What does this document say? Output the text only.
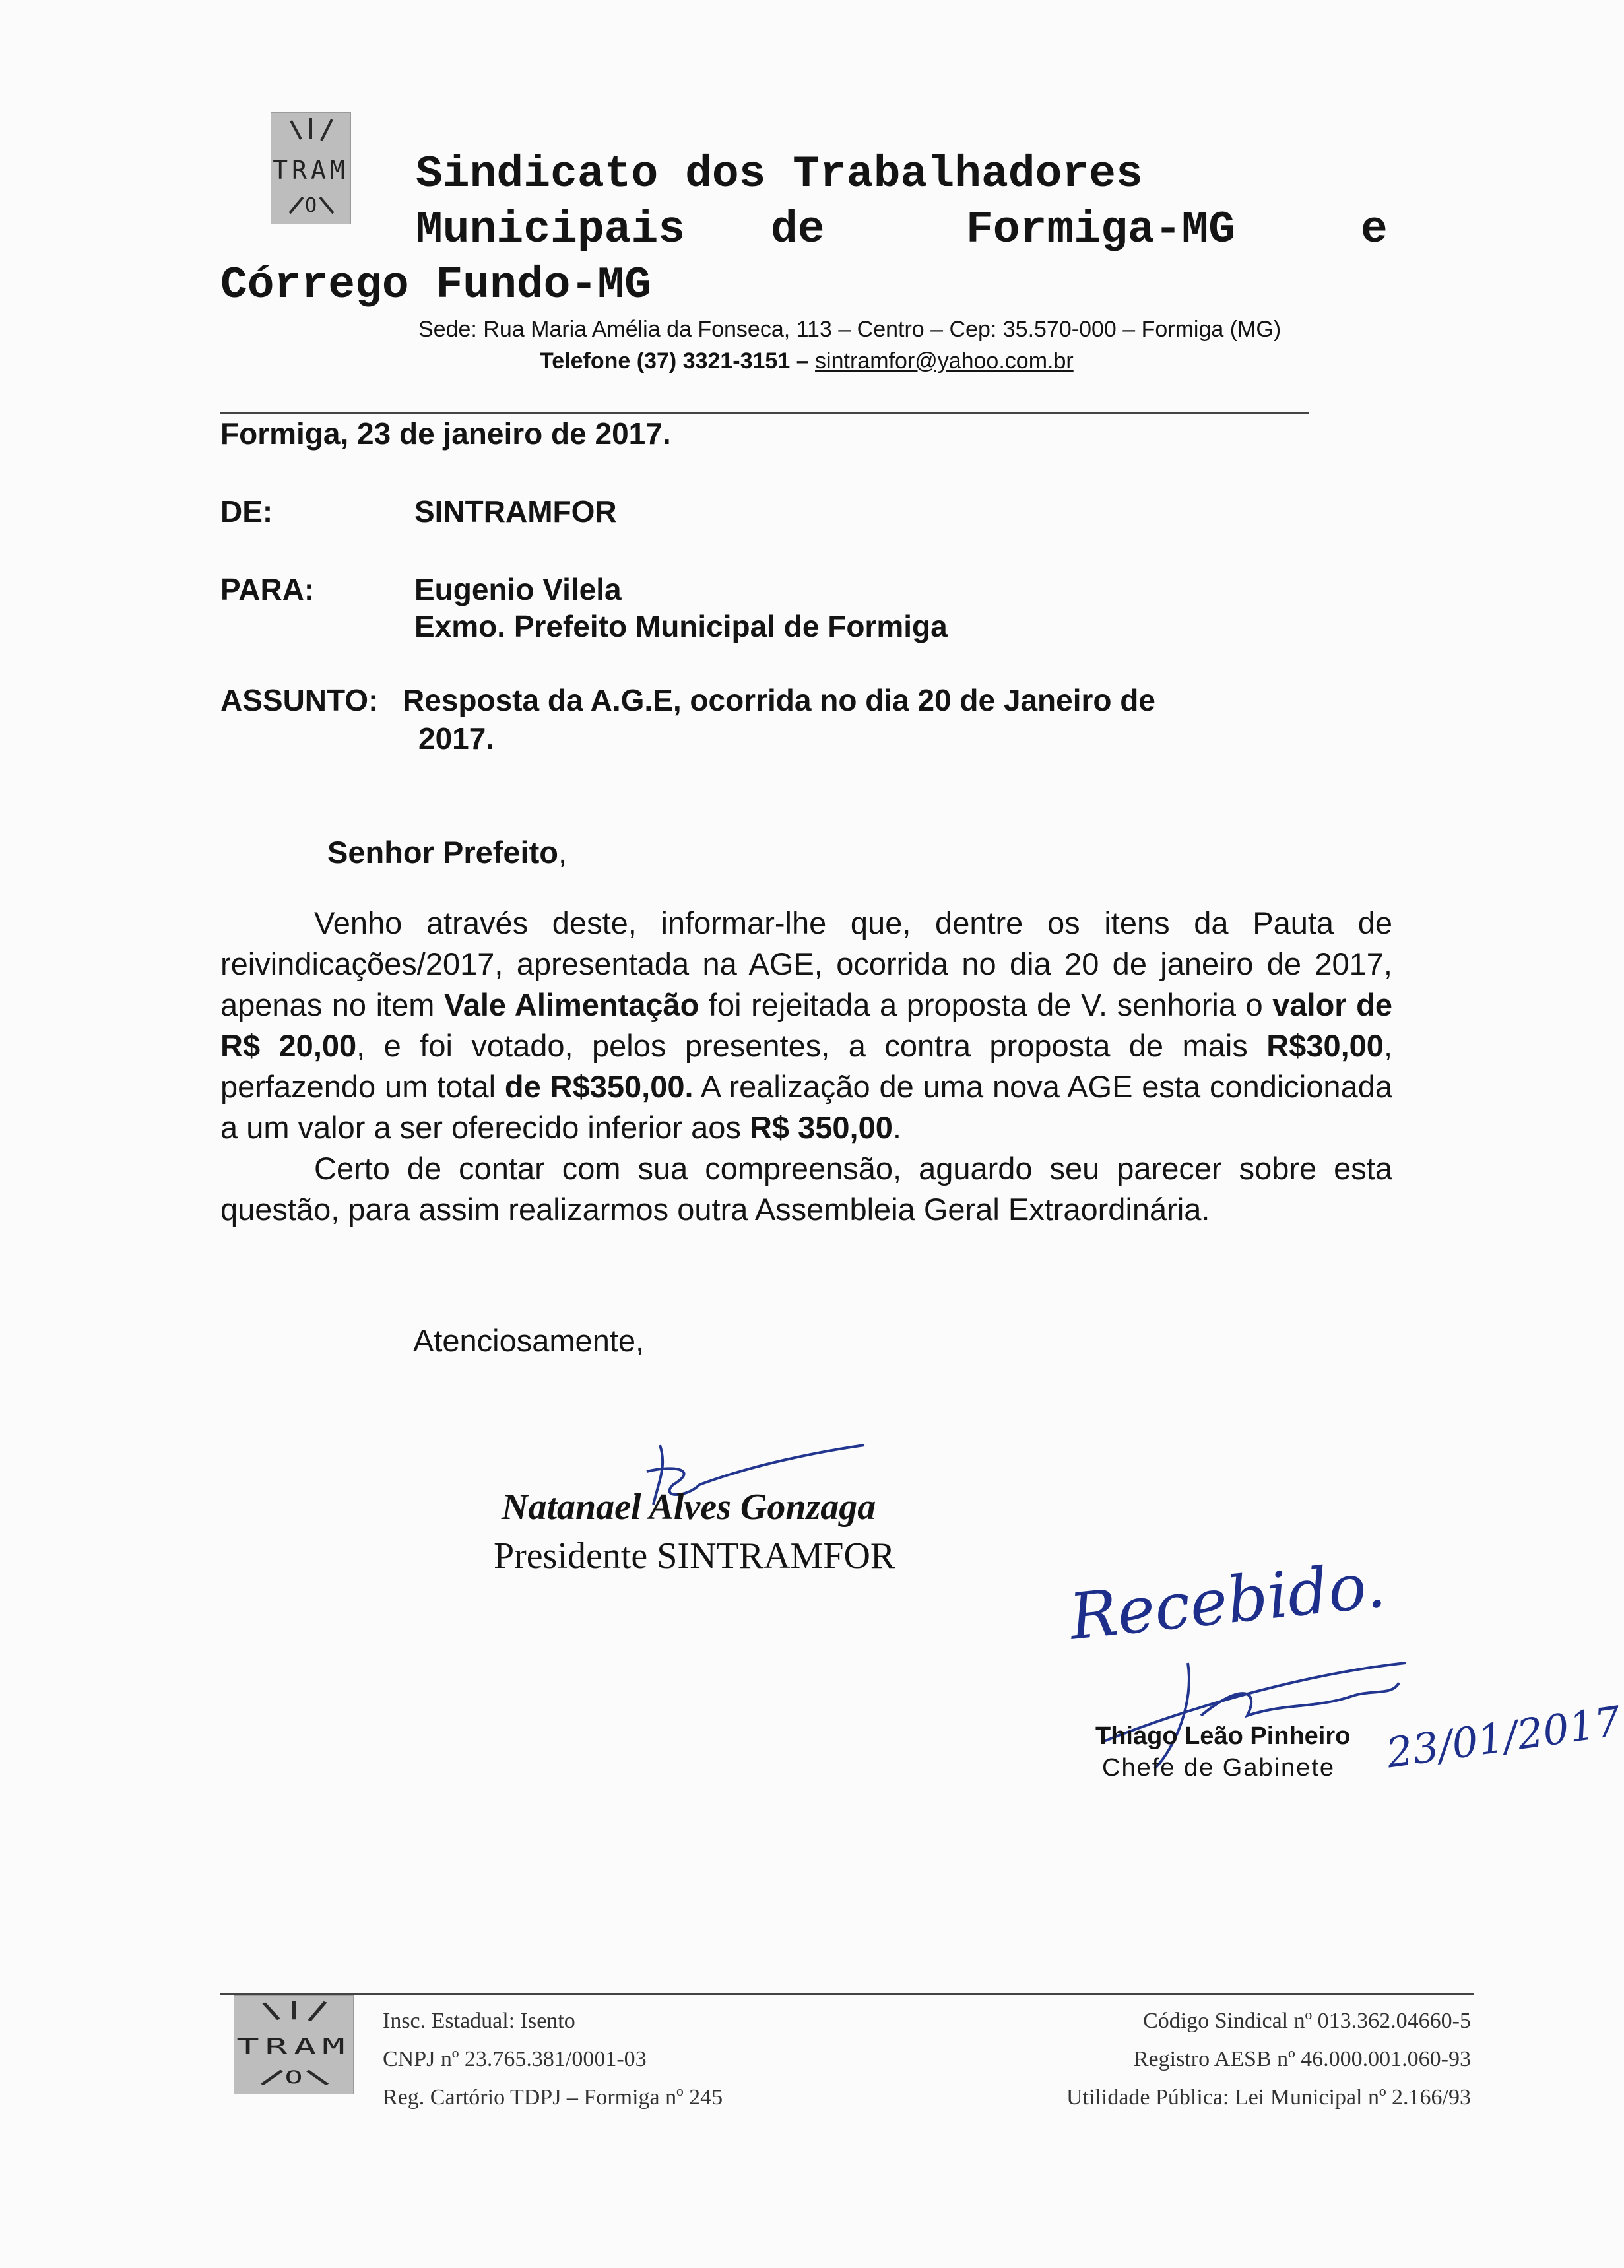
TRAM
O
Sindicato dos Trabalhadores
Municipais de	Formiga-MG	e
Córrego Fundo-MG
Sede: Rua Maria Amélia da Fonseca, 113 – Centro – Cep: 35.570-000 – Formiga (MG)
Telefone (37) 3321-3151 – sintramfor@yahoo.com.br
Formiga, 23 de janeiro de 2017.
DE:	SINTRAMFOR
PARA:	Eugenio Vilela
Exmo. Prefeito Municipal de Formiga
ASSUNTO: Resposta da A.G.E, ocorrida no dia 20 de Janeiro de
2017.
Senhor Prefeito,
Venho através deste, informar-lhe que, dentre os itens da Pauta de reivindicações/2017, apresentada na AGE, ocorrida no dia 20 de janeiro de 2017, apenas no item Vale Alimentação foi rejeitada a proposta de V. senhoria o valor de R$ 20,00, e foi votado, pelos presentes, a contra proposta de mais R$30,00, perfazendo um total de R$350,00. A realização de uma nova AGE esta condicionada a um valor a ser oferecido inferior aos R$ 350,00.
Certo de contar com sua compreensão, aguardo seu parecer sobre esta questão, para assim realizarmos outra Assembleia Geral Extraordinária.
Atenciosamente,
Natanael Alves Gonzaga
Presidente SINTRAMFOR	Recebido.
Thiago Leão Pinheiro
Chefe de Gabinete 23/01/2017
TRAM
O
Insc. Estadual: Isento
CNPJ nº 23.765.381/0001-03
Reg. Cartório TDPJ – Formiga nº 245
Código Sindical nº 013.362.04660-5
Registro AESB nº 46.000.001.060-93
Utilidade Pública: Lei Municipal nº 2.166/93
